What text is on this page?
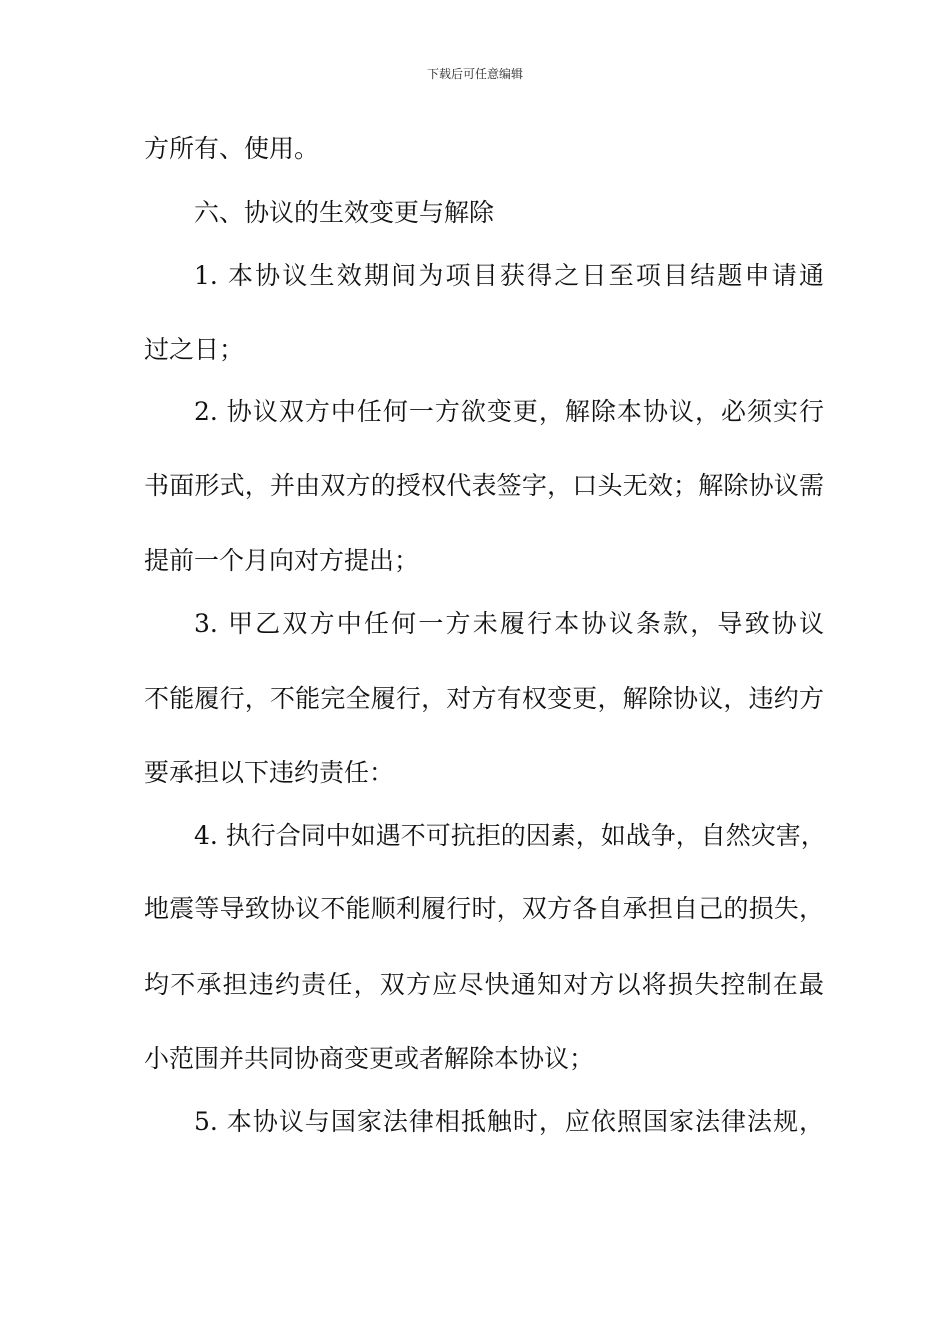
下载后可任意编辑
方所有、使用。
六、协议的生效变更与解除
1. 本协议生效期间为项目获得之日至项目结题申请通
过之日；
2. 协议双方中任何一方欲变更，解除本协议，必须实行
书面形式，并由双方的授权代表签字，口头无效；解除协议需
提前一个月向对方提出；
3. 甲乙双方中任何一方未履行本协议条款，导致协议
不能履行，不能完全履行，对方有权变更，解除协议，违约方
要承担以下违约责任：
4. 执行合同中如遇不可抗拒的因素，如战争，自然灾害，
地震等导致协议不能顺利履行时，双方各自承担自己的损失，
均不承担违约责任，双方应尽快通知对方以将损失控制在最
小范围并共同协商变更或者解除本协议；
5. 本协议与国家法律相抵触时，应依照国家法律法规，
